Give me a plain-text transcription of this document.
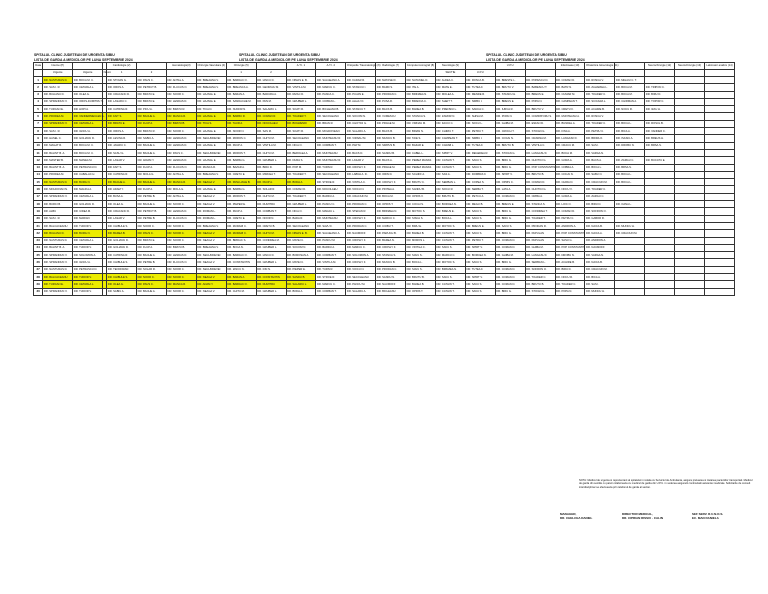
SPITALUL CLINIC JUDETEAN DE URGENTA SIBIU
LISTA DE GARDA A MEDICILOR PE LUNA SEPTEMBRIE 2024
SPITALUL CLINIC JUDETEAN DE URGENTA SIBIU
LISTA DE GARDA A MEDICILOR PE LUNA SEPTEMBRIE 2024
SPITALUL CLINIC JUDETEAN DE URGENTA SIBIU
LISTA DE GARDA A MEDICILOR PE LUNA SEPTEMBRIE 2024
Data	Interne (P)			Cardiologie (2)		Hematologie(3)	Chirurgie Vasculara (4)	Chirurgie (5)		A.T.I. 1	A.T.I. 2	Ortopedie Traumatologie (6)	Radiologie (7)	Computer-tomograf (8)	Neurologie (9)		U.P.U		Infectioase (10)	Obstetrica Ginecologie (11)		Neurochirurgie (12)	Neurochirurgie (13)	Laborator analize (14)
	Urgente	Urgente	Neuro	1	2			1	2						SECTIE	U.P.U								
1	DR. NASTURAS D.	DR. BOCA M. C.		DR. STOIAN G.	DR. PAUS C.	DR. ANTAL A.	DR. BREAHNA V.	DR. BARDAC O.	DR. IANCU D.	DR. NIMAS E. B.	DR. SALGEANU A.	DR. KADAR R.	DR. MATASEI F.	DR. NATANIEL D.	DR. ALDEA C.	DR. ROSCA B.	DR. BRESTE L.	DR. POPESCU D.	DR. COMAN D.	DR. ROSCA V.	DR. MIHAIU C. T.			
2	DR. SAS I. R.	DR. CETARLA L.		DR. OROS A.	DR. PETRUT B.	DR. FLUCUS O.	DR. BREAHNA V.	DR. BREASCA A.	DR. GEORGIU M.	DR. VINTILA M.	DR. MARCU C.	DR. STANCIU I.	DR. BARD S.	DR. ITE A.	DR. MATE E.	DR. TUTEA F.	DR. BRUTU V.	DR. BABESCU T.	DR. BATR N.	DR. ZAHARIEA L.	DR. BOCA M.	DR. TRIPON C.		
3	DR. BULIANU D.	DR. OLEA G.		DR. CRACANC D.	DR. BRATU E.	DR. NOOR C.	DR. HAJNAL E.	DR. BARAN A.	DR. BADURA A.	DR. RIZAC D.	DR. PANCA C.	DR. PUJAN E.	DR. PRODAN C.	DR. BRINZEA N.	DR. MOLEA A.	DR. MENDE R.	DR. STANCU H.	DR. BREUS E.	DR. CUMAR M.	DR. TOADER C.	DR. BOCA M.	DR. BIRU D.		
4	DR. SPRANDUN V.	DR. OROS-DUMITRU S.		DR. LASARU C.	DR. BRATU E.	DR. LENDAS D.	DR. HAJNAL E.	DR. SANDACHE M.	DR. PAN M.	DR. GRUBER L.	DR. CIOBAN L.	DR. ALHAJ O.	DR. PUSA R.	DR. BRADOA C.	DR. SHEIT T.	DR. SIRBU I.	DR. BREUS E.	DR. POPA N.	DR. CAMPEAN T.	DR. SCICARA L.	DR. CHIRMAN A.	DR. TOPOR C.		
5	DR. TURCAN E.	DR. HOPI A.		DR. CATRINA R.	DR. PICU A.	DR. BRATU R.	DR. TICA D.	DR. NUDOR N.	DR. SALARIU L.	DR. SOATI R.	DR. BICLEANU B.	DR. STANCU T.	DR. BACS B.	DR. BADEA B.	DR. PRENSIU L.	DR. SANCA C.	DR. IURCA R.	DR. BRUTU V.	DR. CRETU F.	DR. ACHIRE B.	DR. NOCU R.	DR. IZAU H.		
6	DR. PRODEA M.	DR. VANDERMEULEN A.		DR. FAIT S.	DR. BACHE A.	DR. MANCA R.	DR. HAJNAL E.	DR. BARBU R.	DR. COMAN R.	DR. TOADER T.	DR. SECOLEANU	DR. SOCOM N.	DR. VUMESCU	DR. STANCA S.	DR. ZAMOR N.	DR. SHISA M.	DR. POPA N.	DR. COMPATORU S.	DR. MUNTEANU A.	DR. ROSCA V.				
7	DR. SPRANDUN V.	DR. CETARLA L.		DR. BRATU E.	DR. FLUP A.	DR. BRATU B.	DR. TICA S.	DR. TAUR A.	DR. NOCOLAEU	DR. BOGRENDI	DR. BRAN R.	DR. CHOTICI G.	DR. PRAGE M.	DR. VIRNAU M.	DR. FACCI C.	DR. NOCU L.	DR. GHIBA M.	DR. ESFAN D.	DR. BUNDEL A.	DR. TOADER C.	DR. BOCA L.	DR. ROSUL B.		
8	DR. SAS I. R.	DR. IANCU A.		DR. OROS A.	DR. BRATU R.	DR. NOOR C.	DR. HAJNAL E.	DR. NOOR N.	DR. SAS M.	DR. SOATI R.	DR. MOLDOVEAN	DR. SALARU A.	DR. BACS B.	DR. BRIAN N.	DR. CHIRIC T.	DR. PETRU T.	DR. CROCH T.	DR. STOIAN G.	DR. FINA A.	DR. PETRU C.	DR. BICA A.	DR. VANDER C.		
9	DR. HASEL C.	DR. GOLIANU D.		DR. LEVINA R.	DR. SABIU A.	DR. LENDAS D.	DR. SEGUNDEVEI	DR. MOROS C.	DR. CHITU M.	DR. SECOLEANU	DR. MUNTEANU R.	DR. VIRNAU M.	DR. MUNCU B.	DR. TAIE S.	DR. CAMPEAN T.	DR. SIRBU I.	DR. COCAI N.	DR. CRADNA M.	DR. LANGASO F.	DR. BRIRA O.	DR. ISASIU A.	DR. BREUS H.		
10	DR. MAGAT R.	DR. BOCA M. C.		DR. JAGRIU C.	DR. BACHE A.	DR. LENDAS D.	DR. HAJNAL E.	DR. PAUP A.	DR. VINTILA M.	DR. NICA O.	DR. CORBAN T.	DR. PAP M.	DR. SIRPUS B.	DR. BAZAR E.	DR. CARAB L.	DR. TUTEA F.	DR. BRUTU B.	DR. VINTILA C.	DR. CRACU M.	DR. SAS I.	DR. DROBU N.	DR. BRSA S.		
11	DR. BALINT B. A.	DR. BOCA M. C.		DR. SASU G.	DR. BACHE A.	DR. PAUS C.	DR. SEGUNDEVEI	DR. MOROS T.	DR. CHITU M.	DR. BEROLEA A.	DR. MUNTEANU	DR. BACS D.	DR. SANDU B.	DR. CABEL L.	DR. SPIRT V.	DR. REGEDEA R.	DR. STOIAN G.	DR. LANGASU F.	DR. BOCA M.	DR. VARGA N.				
12	DR. MASTER B.	DR. MANEA M.		DR. LASAR V.	DR. ADIAM Y.	DR. LENDAS D.	DR. HAJNAL E.	DR. BARBA G.	DR. GRUBER L.	DR. DURA S.	DR. MUNTEANU R.	DR. LASAR V.	DR. BACS A.	DR. PEREZ MANAS	DR. CATHIN T.	DR. SAVU S.	DR. BIRU G.	DR. CHOTICI G.	DR. GORA A.	DR. BACS A.	DR. ZARGU C.	DR. BUCATU E.		
13	DR. BALINT B. A.	DR. PETRASCU D.		DR. FAIT S.	DR. FLUP A.	DR. FLUCUS O.	DR. MANCA R.	DR. BAZAR A.	DR. BIRU D.	DR. POP M.	DR. TURN R.	DR. CROSLY F.	DR. PRAGE M.	DR. PEREZ MANAS	DR. CATHIN T.	DR. SAVU S.	DR. BIRU G.	DR. POP CONSTANTIN	DR. COBRA A.	DR. BOCA L.	DR. BRSA S.			
14	DR. PRODEA M.	DR. CABALAC H.		DR. CATRINA R.	DR. MOLA G.	DR. ANTAL A.	DR. BREAHNA V.	DR. CRETU E.	DR. MIRCEA T.	DR. TOADER T.	DR. SECOLEANU	DR. LABNA A. D.	DR. ORIN D.	DR. SCHIFF A.	DR. SAS A.	DR. DOMBAS F.	DR. SPIRT V.	DR. BRUTU B.	DR. COCAI N.	DR. SABU O.	DR. BOCA L.			
15	DR. NASTURAS D.	DR. BURG N.		DR. BACHE A.	DR. BACHE A.	DR. MANCA R.	DR. NEAGA V.	DR. PANLUAGE B.	DR. PAUP A.	DR. BODA A.	DR. STROE R.	DR. VINTILA C.	DR. CROSLY F.	DR. BRUTU C.	DR. SERBAN L.	DR. COPEA S.	DR. OPRIS C.	DR. COMAN D.	DR. CHIRA D.	DR. CRACIUN M.	DR. BOCA L.			
16	DR. MOLDOVAN N.	DR. MALIKA A.		DR. ADAM Y.	DR. FLUP A.	DR. MOLA G.	DR. HAJNAL E.	DR. BARBA G.	DR. SOLAR R.	DR. COMAN D.	DR. NOCOLAEU	DR. VOICU N.	DR. PINTEA A.	DR. SANDU B.	DR. NOCU R.	DR. SERBA T.	DR. LATA A.	DR. CHOTICI G.	DR. NOCU V.	DR. TOADER C.				
17	DR. SPRANDUN V.	DR. CETARLA L.		DR. BUSA A.	DR. PETRE B.	DR. ANTAL A.	DR. NEAGA V.	DR. MOROS T.	DR. CHITU M.	DR. TOADER T.	DR. BARDU A.	DR. CRACIUN M.	DR. BOCA M.	DR. OPRIS V.	DR. BRUTU B.	DR. PETCU A.	DR. COMAN D.	DR. CRIBA A.	DR. GORA A.	DR. ZARGU C.				
18	DR. BURCI B.	DR. GOLIANU D.		DR. OLEA G.	DR. BACHE A.	DR. NOOR C.	DR. NEAGA V.	DR. PIEPER E.	DR. DUMITRU	DR. GRUBER L.	DR. PANCU C.	DR. PRODAN C.	DR. OPRIS T.	DR. COCAI S.	DR. BORCEA N.	DR. MEGU B.	DR. BREUS E.	DR. STANCA S.	DR. LOIC O.	DR. BIRU D.	DR. OANA L.			
19	DR. ALBU	DR. IUDEA M.		DR. CRACANC D.	DR. PETRUT B.	DR. LENDAS D.	DR. ROMAN L.	DR. PAUP A.	DR. CORBAN T.	DR. NICA O.	DR. MANAU L.	DR. STEFAN R.	DR. BRINZEA N.	DR. MOTOC S.	DR. BREUS E.	DR. SAVU S.	DR. BIRU G.	DR. CONDREA T.	DR. COMAN D.	DR. SOFRON O.				
20	DR. SAS I. R.	DR. MARIAN		DR. LASAR V.	DR. PETRE B.	DR. FLUCUS O.	DR. ROMAN L.	DR. CRETU E.	DR. NOOR N.	DR. BADA R.	DR. MUNTEANU	DR. CROSLY F.	DR. MARCU C.	DR. SISCA S.	DR. BOCA L.	DR. SAVU S.	DR. BIRU G.	DR. TOADER T.	DR. PETRU C.	DR. GABOR R.				
21	DR. BALCACEANU	DR. TUDOR V.		DR. CHIBULE S.	DR. NOOR C.	DR. NOOR C.	DR. BREAHNA V.	DR. MURARI C.	DR. CRETU B.	DR. SECOLEANU	DR. SAVU F.	DR. PRODAN C.	DR. CIOBU T.	DR. BIRU E.	DR. MOTOC S.	DR. BREUS E.	DR. SAVU S.	DR. PRODAN R.	DR. ANDRON A.	DR. NAICA B.	DR. MUNCU H.			
22	DR. BULIANU D.	DR. BURG N.		DR. BADEA B.	DR. PAUS C.	DR. NOOR C.	DR. NEAGA V.	DR. MURARI C.	DR. CHITU M.	DR. NIMAS E. B.	DR. SALGEANU A.	DR. NAUMOFF	DR. PARUCH B.	DR. BADEA B.	DR. CATHIN T.	DR. SAVU S.	DR. BIRU G.	DR. PAPULAN	DR. POP CONSTANTIN	DR. NAICA A.	DR. CRACIUN M.			
23	DR. NASTURAS D.	DR. CETARLA L.		DR. GOLIANU D.	DR. BRATU E.	DR. NOOR C.	DR. NEAGA V.	DR. BRIDAC S.	DR. CONDREA M.	DR. MATEI C.	DR. PANCU M.	DR. CROSLY F.	DR. BADEA N.	DR. MOROS L.	DR. CATHIN T.	DR. PETRU T.	DR. COMAN D.	DR. PAPULAN	DR. SASU G.	DR. ANDRON A.				
24	DR. BALINT B. A.	DR. TUDOR V.		DR. GOLIANU D.	DR. FLUP A.	DR. BRATU B.	DR. BREAHNA V.	DR. BOCA N.	DR. GRUBER L.	DR. SOCOM N.	DR. BARDU A.	DR. MARCU C.	DR. CROSLY F.	DR. VINTILA C.	DR. SAVU S.	DR. SPIRT V.	DR. COMAN D.	DR. GHIBA M.	DR. POP CONSTANTIN	DR. NAUMOFF				
25	DR. SPRANDUN V.	DR. SOLOMON A.		DR. CATRINA R.	DR. BACHE A.	DR. LENDAS D.	DR. SEGUNDEVEI	DR. BARDAC O.	DR. IANCU D.	DR. BOROSAN A.	DR. CORBAN T.	DR. SOLOMON A.	DR. STANCA S.	DR. SAVU S.	DR. MARCU C.	DR. BORCEA N.	DR. GHIBA M.	DR. LANGASU F.	DR. DROBU N.	DR. VARGA N.				
26	DR. SPRANDUN V.	DR. IANCU A.		DR. CHIBULE S.	DR. PETRE B.	DR. FLUCUS O.	DR. NEAGA V.	DR. CONSTANTIN	DR. GRUBER L.	DR. MATEI C.	DR. VINTILA M.	DR. CROSLY F.	DR. MUNCU B.	DR. BOCA L.	DR. MOTOC S.	DR. SAVU S.	DR. BIRU G.	DR. SERBAN L.	DR. ACHIRE B.	DR. NAICA B.				
27	DR. NASTURAS D.	DR. PETRASCU D.		DR. TEODORAN	DR. SOLAR R.	DR. NOOR C.	DR. SEGUNDEVEI	DR. IANCU N.	DR. ION N.	DR. PIEPER E.	DR. TURN R.	DR. VOICU N.	DR. PRODAN C.	DR. SAVU S.	DR. BRINZEA N.	DR. TUTEA F.	DR. COMAN D.	DR. SOFRON O.	DR. BIRU D.	DR. CRACIUN M.				
28	DR. BALCACEANU	DR. TUDOR V.		DR. CHIBULE S.	DR. NOOR C.	DR. NOOR C.	DR. NEAGA V.	DR. BARAN A.	DR. CONSTANTIN	DR. SANDU B.	DR. STROE R.	DR. SECOLEANU	DR. SANDU N.	DR. BRUTU B.	DR. SAVU S.	DR. SPIRT V.	DR. COMAN D.	DR. TOADER C.	DR. NOCU R.	DR. BICA A.				
29	DR. TURCAN E.	DR. CETARLA L.		DR. OLEA G.	DR. PAUS C.	DR. MANCA R.	DR. ADAM Y.	DR. BARDAC O.	DR. DUMITRU	DR. SALARIU L.	DR. MARCU C.	DR. PANCU M.	DR. NAUMOFF	DR. BADEA B.	DR. CATHIN T.	DR. SAVU S.	DR. COMAN D.	DR. BRUTU B.	DR. TOADER C.	DR. SAS I.				
30	DR. SPRANDUN V.	DR. TUDOR V.		DR. SABIU A.	DR. BACHE A.	DR. NOOR C.	DR. NEAGA V.	DR. CHITU M.	DR. GRUBER L.	DR. BODA A.	DR. CORBAN T.	DR. SALARU A.	DR. BICLEANU	DR. OPRIS T.	DR. CATHIN T.	DR. SAVU S.	DR. BIRU G.	DR. STOIAN G.	DR. POPA N.	DR. MUNCU H.				
NOTA: Medicul de urgenta si reprezentant al spitalului in relatia cu Serviciul de Ambulanta, asigura preluarea si tratarea pacientilor transportati. Medicul de garda din sectiile cu paturi colaboreaza cu medicul de garda din U.P.U. in vederea asigurarii continuitatii asistentei medicale. Solicitarile de consult interdisciplinar se efectueaza prin telefonul de garda al sectiei.
MANAGER,
DR. CHELCEA DANIEL
DIRECTOR MEDICAL,
DR. CIPRIAN RISSIU - CALIN
SEF SERV. R.U.N.O.S.
EC. MAN DANIELA
